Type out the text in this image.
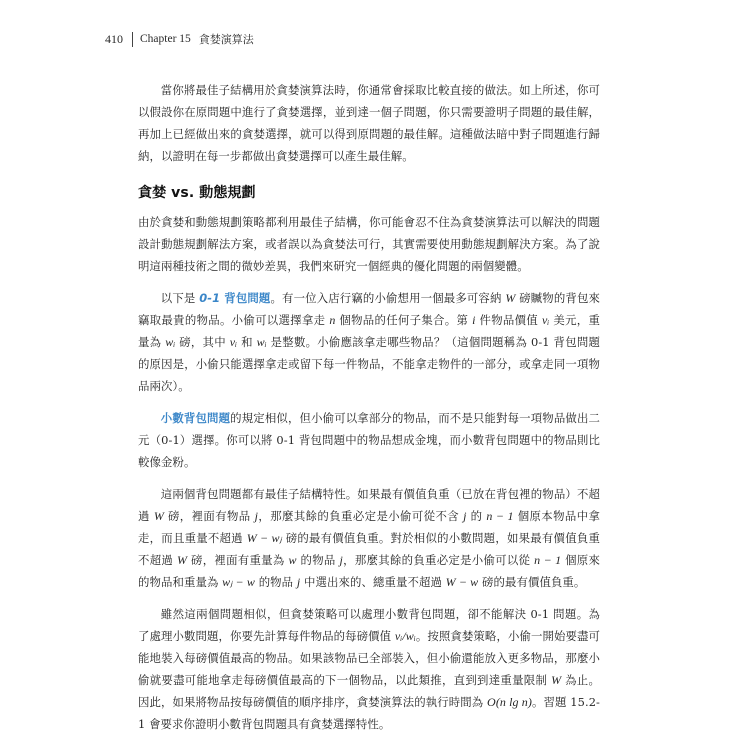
410 Chapter 15 貪婪演算法

當你將最佳子結構用於貪婪演算法時，你通常會採取比較直接的做法。如上所述，你可以假設你在原問題中進行了貪婪選擇，並到達一個子問題，你只需要證明子問題的最佳解，再加上已經做出來的貪婪選擇，就可以得到原問題的最佳解。這種做法暗中對子問題進行歸納，以證明在每一步都做出貪婪選擇可以產生最佳解。

貪婪 vs. 動態規劃

由於貪婪和動態規劃策略都利用最佳子結構，你可能會忍不住為貪婪演算法可以解決的問題設計動態規劃解法方案，或者誤以為貪婪法可行，其實需要使用動態規劃解決方案。為了說明這兩種技術之間的微妙差異，我們來研究一個經典的優化問題的兩個變體。

以下是 0-1 背包問題。有一位入店行竊的小偷想用一個最多可容納 W 磅贓物的背包來竊取最貴的物品。小偷可以選擇拿走 n 個物品的任何子集合。第 i 件物品價值 vᵢ 美元，重量為 wᵢ 磅，其中 vᵢ 和 wᵢ 是整數。小偷應該拿走哪些物品？（這個問題稱為 0-1 背包問題的原因是，小偷只能選擇拿走或留下每一件物品，不能拿走物件的一部分，或拿走同一項物品兩次）。

小數背包問題的規定相似，但小偷可以拿部分的物品，而不是只能對每一項物品做出二元（0-1）選擇。你可以將 0-1 背包問題中的物品想成金塊，而小數背包問題中的物品則比較像金粉。

這兩個背包問題都有最佳子結構特性。如果最有價值負重（已放在背包裡的物品）不超過 W 磅，裡面有物品 j，那麼其餘的負重必定是小偷可從不含 j 的 n − 1 個原本物品中拿走，而且重量不超過 W − wⱼ 磅的最有價值負重。對於相似的小數問題，如果最有價值負重不超過 W 磅，裡面有重量為 w 的物品 j，那麼其餘的負重必定是小偷可以從 n − 1 個原來的物品和重量為 wⱼ − w 的物品 j 中選出來的、總重量不超過 W − w 磅的最有價值負重。

雖然這兩個問題相似，但貪婪策略可以處理小數背包問題，卻不能解決 0-1 問題。為了處理小數問題，你要先計算每件物品的每磅價值 vᵢ/wᵢ。按照貪婪策略，小偷一開始要盡可能地裝入每磅價值最高的物品。如果該物品已全部裝入，但小偷還能放入更多物品，那麼小偷就要盡可能地拿走每磅價值最高的下一個物品，以此類推，直到到達重量限制 W 為止。因此，如果將物品按每磅價值的順序排序，貪婪演算法的執行時間為 O(n lg n)。習題 15.2-1 會要求你證明小數背包問題具有貪婪選擇特性。
